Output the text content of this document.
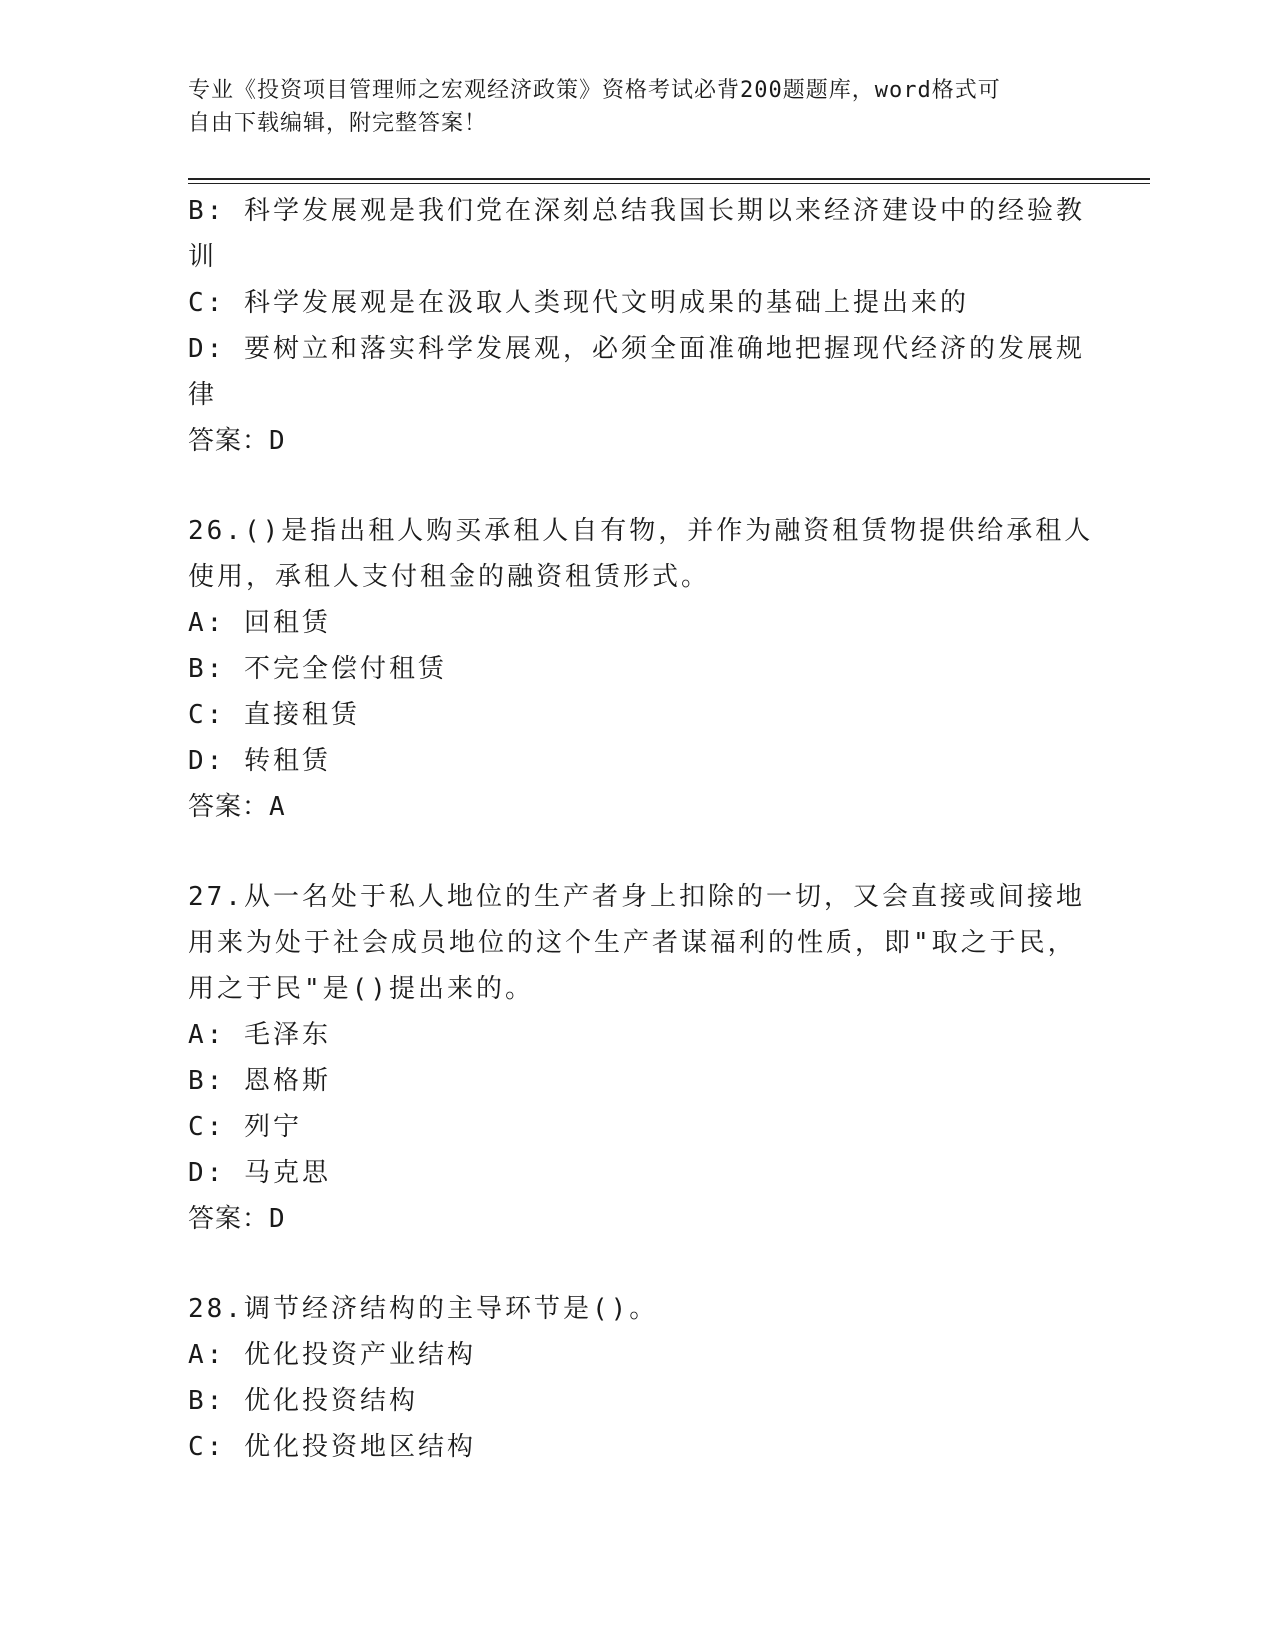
专业《投资项目管理师之宏观经济政策》资格考试必背200题题库，word格式可
自由下载编辑，附完整答案！
B: 科学发展观是我们党在深刻总结我国长期以来经济建设中的经验教
训
C: 科学发展观是在汲取人类现代文明成果的基础上提出来的
D: 要树立和落实科学发展观，必须全面准确地把握现代经济的发展规
律
答案：D
26.()是指出租人购买承租人自有物，并作为融资租赁物提供给承租人
使用，承租人支付租金的融资租赁形式。
A: 回租赁
B: 不完全偿付租赁
C: 直接租赁
D: 转租赁
答案：A
27.从一名处于私人地位的生产者身上扣除的一切，又会直接或间接地
用来为处于社会成员地位的这个生产者谋福利的性质，即"取之于民，
用之于民"是()提出来的。
A: 毛泽东
B: 恩格斯
C: 列宁
D: 马克思
答案：D
28.调节经济结构的主导环节是()。
A: 优化投资产业结构
B: 优化投资结构
C: 优化投资地区结构
